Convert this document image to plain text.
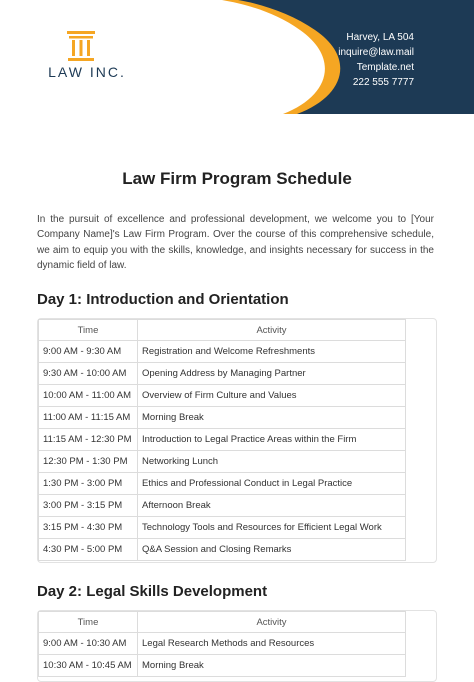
LAW INC.
Harvey, LA 504
inquire@law.mail
Template.net
222 555 7777
Law Firm Program Schedule
In the pursuit of excellence and professional development, we welcome you to [Your Company Name]'s Law Firm Program. Over the course of this comprehensive schedule, we aim to equip you with the skills, knowledge, and insights necessary for success in the dynamic field of law.
Day 1: Introduction and Orientation
Time	Activity
9:00 AM - 9:30 AM	Registration and Welcome Refreshments
9:30 AM - 10:00 AM	Opening Address by Managing Partner
10:00 AM - 11:00 AM	Overview of Firm Culture and Values
11:00 AM - 11:15 AM	Morning Break
11:15 AM - 12:30 PM	Introduction to Legal Practice Areas within the Firm
12:30 PM - 1:30 PM	Networking Lunch
1:30 PM - 3:00 PM	Ethics and Professional Conduct in Legal Practice
3:00 PM - 3:15 PM	Afternoon Break
3:15 PM - 4:30 PM	Technology Tools and Resources for Efficient Legal Work
4:30 PM - 5:00 PM	Q&A Session and Closing Remarks
Day 2: Legal Skills Development
Time	Activity
9:00 AM - 10:30 AM	Legal Research Methods and Resources
10:30 AM - 10:45 AM	Morning Break
